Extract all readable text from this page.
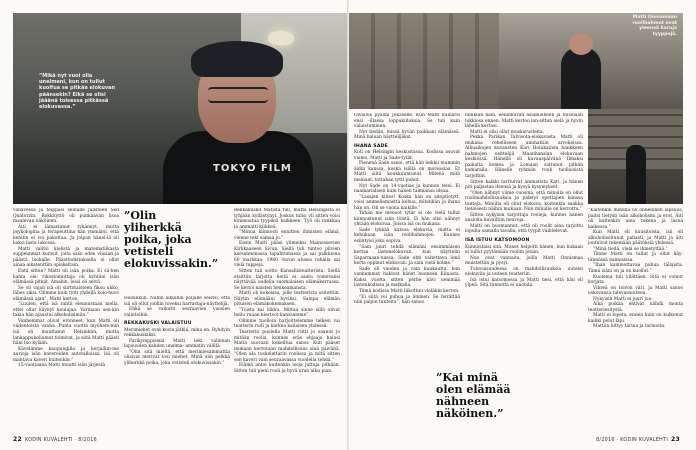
TOKYO FILM
”Mikä nyt vuoi olla unelmani, kun on tullut kuolfua se pitkäa elokuvan päänsekin? Eikä se olisi jääänä toisessa pitkässä elokuvassa.”
Matti Onnismaan roolihahmot ovat yleensä karuja tyyppejä.
”Olin yliherkkä poika, joka vetisteli elokuvissakin.”
”Kai minä olen elämää nähneen näköinen.”

vanavessa ja teippasi seinälle julisteen Sed Quatorzin. Rokkityttö oli punkaavan lisoa maalevan näköinen.

Äiti ei lämastanut tykännyt, mutta psykologina ja terapeuttina hän ymmärsi, että kehitin ei voi pakottaa. Ja jolpan hänel-lä oli kaksi lasta lukossa.

Matti valitsi kielistä ja matematiikasta suppeimmat kurssit, joita saisi oden viisaan ja päästä luokalle. Päästtodistuksella ei ollut ainaa aikatenttiin opiskeltain.

Entä sitten? Matti oli isän poika. Ei sii-hen kahta ole: rikostoimittaja oli kyhtäni isän elämässä pitkät. Amakin, lossi oli selvä.

Se oli vajan isä oli siirtotaisteen fiksu ukko, lähes siksi. Olimme kuin tytti yhdellä kolo-huvo elämässä ajan”, Matti kertoo.

”Luulen, että isä tuntii elennustaan mella, ettei ollut käynyt koulujaa. Varmaan sen-kin takia hän ajaustui alkoholisimiin.”

Vanhemmat olivat eronneet, kun Matti oli viidentoista vanha. Punta vuotta myöhem-min isä oli muuttanut Helsinkiin, mutta lankappukeliumut toimivat, ja siitä Matti päästi häni luo kylään.

Kävelimme kaupungilla ja kerjailim-me aurioja isän kavereiden autotalloissa. Isä oli mahtava kaveri kuitenkin.”

15-vuotiaana Matti muutti isän järjestä

Helsinkiin. Nähin aikuihin poljalle seistsi, että isä oli ollut jonkin toveksi harrastaja-näyttelijä.

Ehkä se vaikutti seuraavien vuosien valintoihin.

REKKAKUSKI VALAISTUU

Merimiehet ovat kovia jätkiä, mina en. Ryhdyin rekkakuskiksi.

Parikymppisenä Matti teki valinnan lapsuuden kahden unelma- ammatin välillä.

”Olin sitä mieltä, että merimiesammattia olisivat merivät tosi miehet. Minä olin pelkkä yliherkkä poika, joka vetisteli elokuvissakin.”

Rekkakuskit Matista tuli, mutta Helsingistä ei tyhjään kyllästynyt. Joskus tulisi yli sitten voisi kimmoatua tyypiksi kaikkeen. Työ oli rankkaa ja ammatti kiihkeä.

”Minua kiinnosti ennitten ihmisten elämä, vienne teki samaa jo.”

Ensin Matti pääsi ylimeiksi Mainossevien Kirkkaaseen Sivun. Siellä tuli tuntoo pilvien karsanmmassa tapahtumassa ja sai palkkiona 60 markkaa. 1980 -luvun alussa rahalla sai vielä tuppeja.

Sitten tuli soitto Kansallisteatterista. Siellä etsittiin tarjotta heitä ei saatu toimivaksi näyttävää uudella suomalaisen elämäkerrassa. Se kertoi naisten henkeamansta.

Matti oli kokeissa, jolle teatterista soitettiin. Näytin elämääni hyviksi. Sainpa elämän pituisen elämäkokemuksen.

”Toista kai liikku. Mittaa sinne sillä olivat heilu ruuan kiertoot kanssamme”.

Olimme tuolloin harjoittelemme telkesi vai teatterin rudi ja karkea kailaisen yhdessä.

Teatterin puolella Matti riitti jo saanut jo mitään roolia, kunnes eräs ohjaaja halusi Matin suoraan kokeiltua sanoi: Kun pääset mukaan kerrotaan mahdollisuus sinä päivänä, ”Olen ala tuskelettarin roolissa ja mitä sitten sen kaveri vain seuraavassa vuodella tehdä.”

Elämä antoi kuitenkin isoja juttuja pitkään. Sitten tuli pieni rooli ja hyvä uran alku pian.

Oivallus pyälmi Jokaselle. Kun Matti kumarsi ensi -illassa loppukiitoksia. Se tuli kuin valaistuminen.

Nyt tiedän, missä hyvän paikkani elämässä. Minä haluan näyttelijäksi.

IHANA SADE

Koti on Helsingin keskustassa. Kodissa asuvat vaimo, Matti ja Sade-tytär.

Pienenä Sade sanoi, että hän leikkii mummin äidin kanssa, koska isällä on moreasiaa. Et Matti siitä koukkuuntunut. Mitenä mitä meinaat, tottahan tytti puhut.

Nyt Sade on 14-vuotias ja kunnon teini. Ei naamarialisen kuin hänen taimiansa ideaa.

”Lasajen kiitos! Koska hän on adoptiotytt, voisi ammellemastta kehua, mitenhän ja ihana hän on. Oli se vuona kaikille.”

Tähän me menoot tytär ei ole vielä tullut kiinnostunut isän töistä. Ei hän olisi nähnyt yhtään elokuvaa. Joissa isä on mukana.

Sade tykkää katsoa elokuvia, mutta ei kehukaan isän roolihahmojen. Kunnes esiintyisi joku sopiva.

”Sain juuri tehdä elämäni ensimmäisen kertaa lastenelokuvan, kun näyttelin Saparmaan-nassa. Sade ehti valtettava iimä kerta oppinut elokuvan. Ja sain vielä kolme.”

Sade oli vauden ja vain kuukautta, kun vanhemmat hakivat hänet huoneen Kiinasta. Kaksi vuotta sitten perhe kävi nemmää lastenkodissa ja matkalla.

Tämä kodissa Matti liikuttuu vieläkin kerron.

”Ei siitä voi puhua ja ämmen. Se herättää niin paljon tunteita”, hän sanoo.

niinkuin näin, eeliinkuvan asiamieheen ja toisinaan lukkiosa ennen. Matti kertoo lan-sitten sielä ja hyvin lähellä kertasi.

Matti ei olisi ollut muskarusteita.

Pekka Parikan Talvisota-elokuvasta Matti oli mukana rehelliseen ammattiin arvokeissa. Alkuaikojen kuvausten Kari Hotakainen hankkeen hahmojen esittelijä Maanhanslan elokuvaan keskiössä. Hänellä oli kuvauspäivänä Ilmaksi paikalta komea ja Lomaan sattunut pitkän kamaralla. Hänelle ryhmän rooli tuollaisista tarjottiin.

Sitten kaikki tarttuivat ammatista Kari, ja hänen piti paljastaa itsensä ja kysyä kysymykset.

”Olen nähnyt viime vuosina, että minulla on ollut roolimahdollisuuksia ja pidetyt opettajien kanssa tunteja. Minulla oli ollut elokuva, kuitenkin saakka tietoisesti näihin mukaan. Niin minulle on kerrottu.”

Sitten nykyisin tarjottuja rooleja, kunnes hänen ansioita kuvailtiin neuvoja.

Matti on huomannut, että oli roolit aina tarjottu lopulta samalla tavalla, että tyypit vaihtelevat.

ISÄ ISTUU KATSOMOON

Kiinnostaisi sitä. Monet helpotti hänen, kun kukaan ei tullut pyytämään rooliin jotain.

Nuo ovat vannaita, joilla Matti Onnismaa muistettiin ja pysyi.

Tulevaisuudessa on mahdollisuuksia uuteen elokuviin ja uuteen teatteriin.

Isä istui katsomossa ja Matti tiesi, että hän oli ylpeä. Sitä tunnetta ei unohda.

”Kaitenkin minulla oli onnellinen lapsuus, paitsi tietysti isän alkoholismi ja erot. Äiti oli kuitenkin aina tukena ja läsnä kaikessa.”

Kun Matti oli kuusitoista, isä oli alkoholisoitunut pahasti, ja Matti ja äiti joutuivat tekemään päätöksiä yhdessä.

”Minä tiedä, vielä se ihmetyttää.”

Tänne Matti on tullut ja ollut käy-tännössä naimisissa.

”Ihan kammottavaa puhua tällaista. Tämä isäni on ja on kuollut.”

Kuolema tuli yllättäen. Sitä ei voinut korjata.

Vihreä on toivon väri, ja Matti sanoo uskovansa tulevaisuuteen.

Nykyisin Matti ei juuri juo.

Aika poikaa ehtivät nähdä monta teatteriesitystä.

Matti ei lopeta, ennen kuin on kulkenut kaikki polut läpi.

Mattiin liittyy tarina ja tarinoita.

22 KODIN KUVALEHTI · 8/2016	8/2016 · KODIN KUVALEHTI 23
